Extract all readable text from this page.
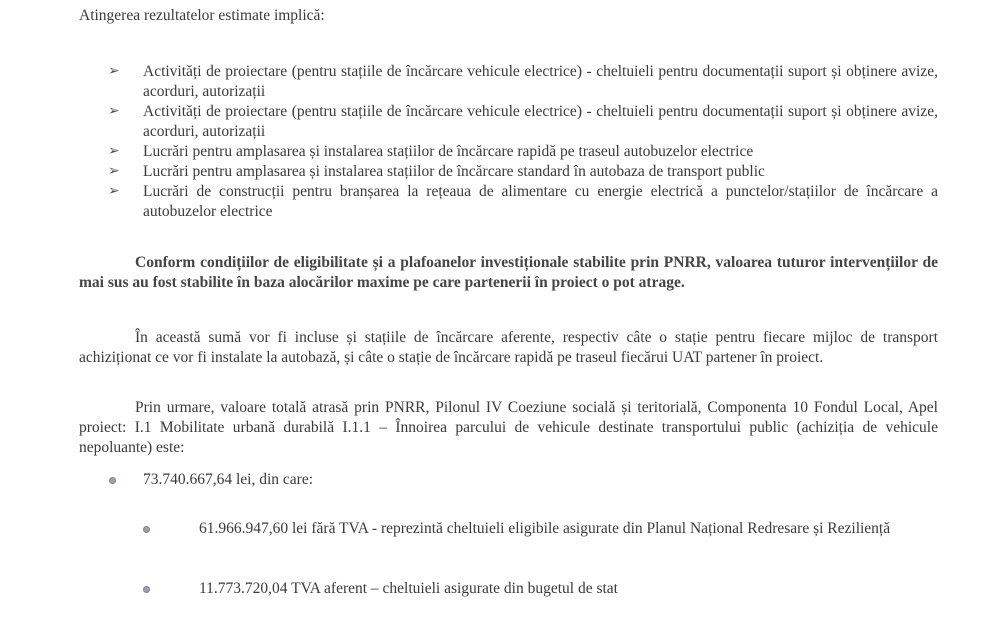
Atingerea rezultatelor estimate implică:

➢	Activități de proiectare (pentru stațiile de încărcare vehicule electrice) - cheltuieli pentru documentații suport și obținere avize, acorduri, autorizații
➢	Activități de proiectare (pentru stațiile de încărcare vehicule electrice) - cheltuieli pentru documentații suport și obținere avize, acorduri, autorizații
➢	Lucrări pentru amplasarea și instalarea stațiilor de încărcare rapidă pe traseul autobuzelor electrice
➢	Lucrări pentru amplasarea și instalarea stațiilor de încărcare standard în autobaza de transport public
➢	Lucrări de construcții pentru branșarea la rețeaua de alimentare cu energie electrică a punctelor/stațiilor de încărcare a autobuzelor electrice

Conform condițiilor de eligibilitate și a plafoanelor investiționale stabilite prin PNRR, valoarea tuturor intervențiilor de mai sus au fost stabilite în baza alocărilor maxime pe care partenerii în proiect o pot atrage.

În această sumă vor fi incluse și stațiile de încărcare aferente, respectiv câte o stație pentru fiecare mijloc de transport achiziționat ce vor fi instalate la autobază, și câte o stație de încărcare rapidă pe traseul fiecărui UAT partener în proiect.

Prin urmare, valoare totală atrasă prin PNRR, Pilonul IV Coeziune socială și teritorială, Componenta 10 Fondul Local, Apel proiect: I.1 Mobilitate urbană durabilă I.1.1 – Înnoirea parcului de vehicule destinate transportului public (achiziția de vehicule nepoluante) este:

73.740.667,64 lei, din care:

61.966.947,60 lei fără TVA - reprezintă cheltuieli eligibile asigurate din Planul Național Redresare și Reziliență

11.773.720,04 TVA aferent – cheltuieli asigurate din bugetul de stat
